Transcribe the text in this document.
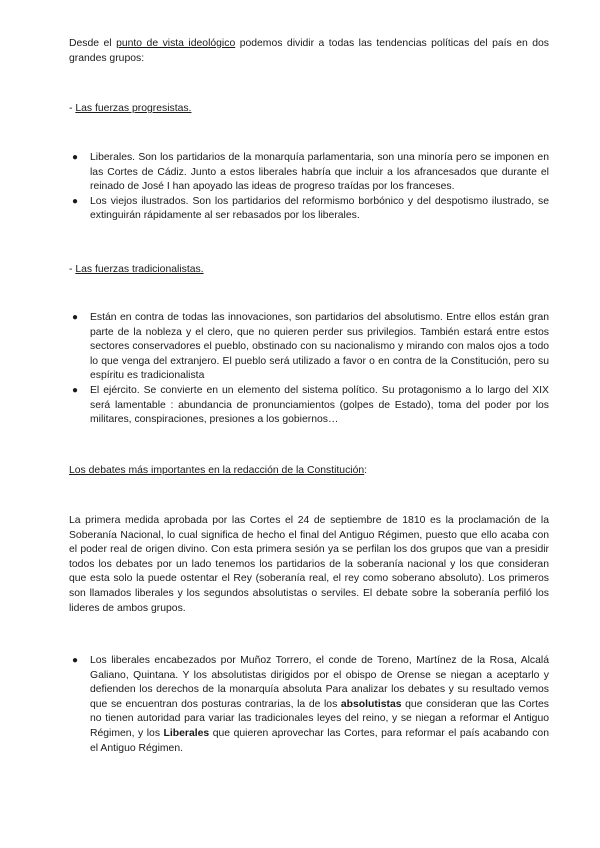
Desde el punto de vista ideológico podemos dividir a todas las tendencias políticas del país en dos grandes grupos:

- Las fuerzas progresistas.

● Liberales. Son los partidarios de la monarquía parlamentaria, son una minoría pero se imponen en las Cortes de Cádiz. Junto a estos liberales habría que incluir a los afrancesados que durante el reinado de José I han apoyado las ideas de progreso traídas por los franceses.
● Los viejos ilustrados. Son los partidarios del reformismo borbónico y del despotismo ilustrado, se extinguirán rápidamente al ser rebasados por los liberales.

- Las fuerzas tradicionalistas.

● Están en contra de todas las innovaciones, son partidarios del absolutismo. Entre ellos están gran parte de la nobleza y el clero, que no quieren perder sus privilegios. También estará entre estos sectores conservadores el pueblo, obstinado con su nacionalismo y mirando con malos ojos a todo lo que venga del extranjero. El pueblo será utilizado a favor o en contra de la Constitución, pero su espíritu es tradicionalista
● El ejército. Se convierte en un elemento del sistema político. Su protagonismo a lo largo del XIX será lamentable : abundancia de pronunciamientos (golpes de Estado), toma del poder por los militares, conspiraciones, presiones a los gobiernos…

Los debates más importantes en la redacción de la Constitución:

La primera medida aprobada por las Cortes el 24 de septiembre de 1810 es la proclamación de la Soberanía Nacional, lo cual significa de hecho el final del Antiguo Régimen, puesto que ello acaba con el poder real de origen divino. Con esta primera sesión ya se perfilan los dos grupos que van a presidir todos los debates por un lado tenemos los partidarios de la soberanía nacional y los que consideran que esta solo la puede ostentar el Rey (soberanía real, el rey como soberano absoluto). Los primeros son llamados liberales y los segundos absolutistas o serviles. El debate sobre la soberanía perfiló los lideres de ambos grupos.

● Los liberales encabezados por Muñoz Torrero, el conde de Toreno, Martínez de la Rosa, Alcalá Galiano, Quintana. Y los absolutistas dirigidos por el obispo de Orense se niegan a aceptarlo y defienden los derechos de la monarquía absoluta Para analizar los debates y su resultado vemos que se encuentran dos posturas contrarias, la de los absolutistas que consideran que las Cortes no tienen autoridad para variar las tradicionales leyes del reino, y se niegan a reformar el Antiguo Régimen, y los Liberales que quieren aprovechar las Cortes, para reformar el país acabando con el Antiguo Régimen.
